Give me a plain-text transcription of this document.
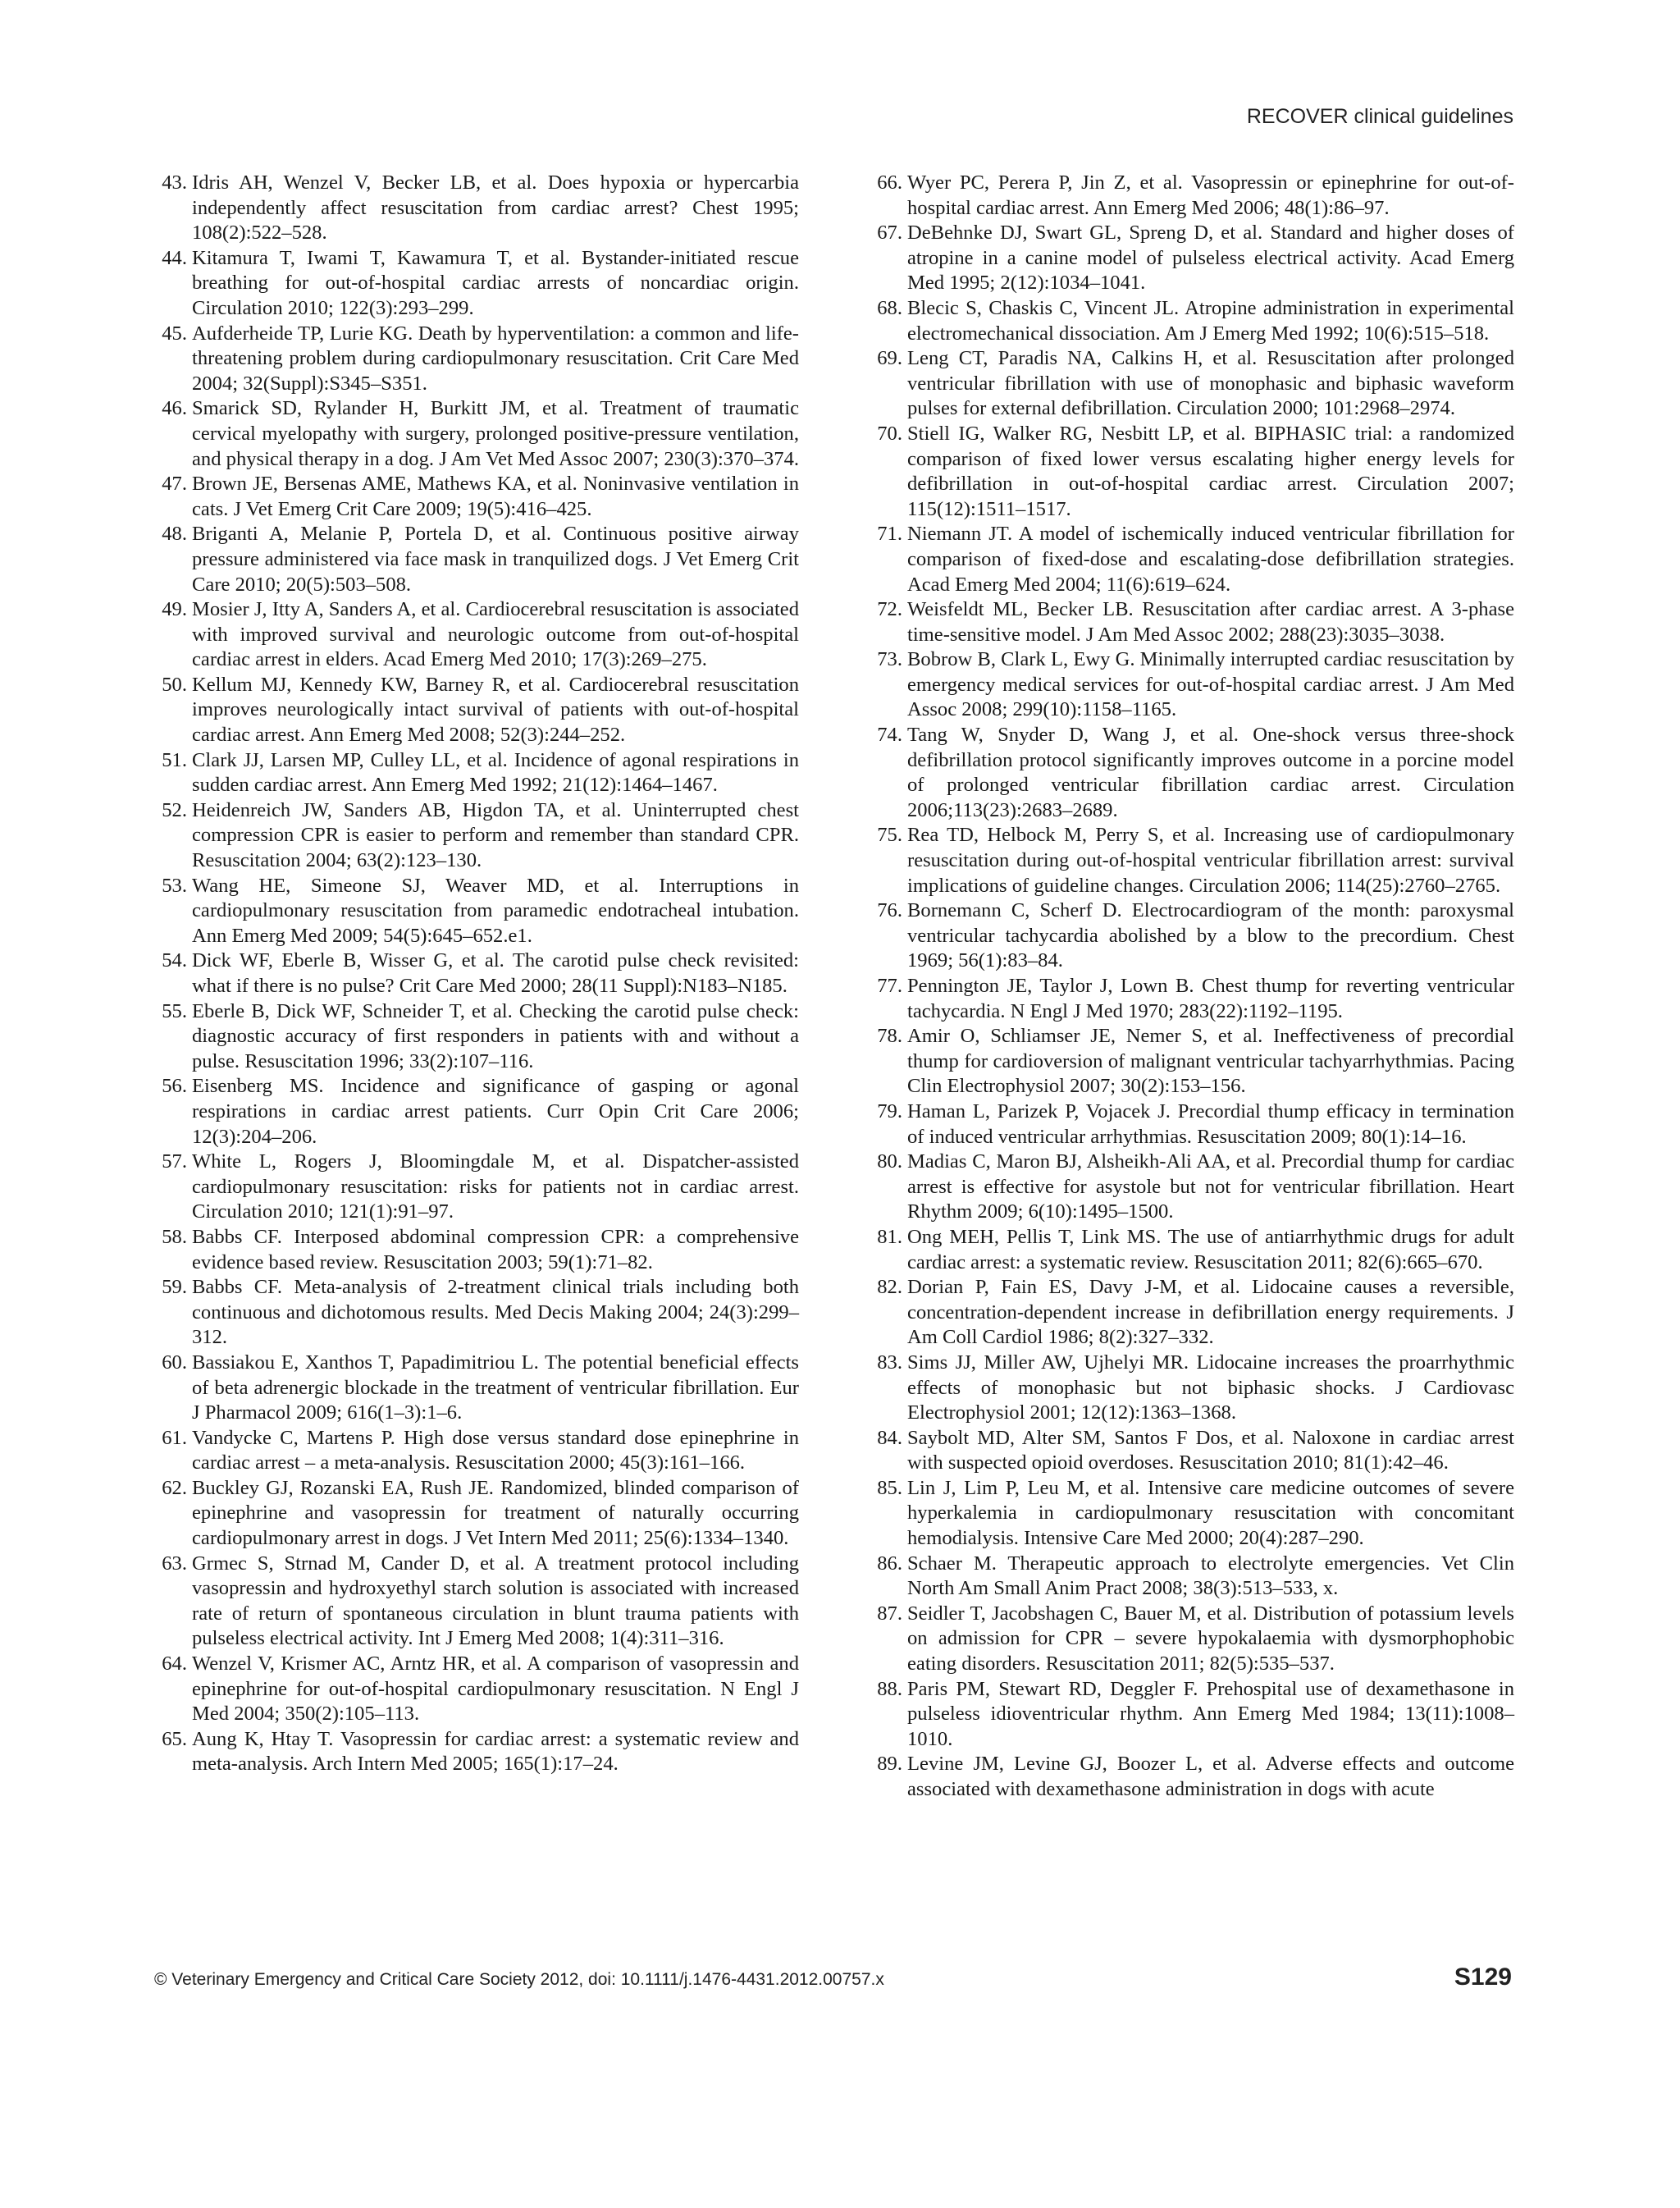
RECOVER clinical guidelines

43. Idris AH, Wenzel V, Becker LB, et al. Does hypoxia or hypercarbia independently affect resuscitation from cardiac arrest? Chest 1995; 108(2):522–528.

44. Kitamura T, Iwami T, Kawamura T, et al. Bystander-initiated rescue breathing for out-of-hospital cardiac arrests of noncardiac origin. Circulation 2010; 122(3):293–299.

45. Aufderheide TP, Lurie KG. Death by hyperventilation: a common and life-threatening problem during cardiopulmonary resuscitation. Crit Care Med 2004; 32(Suppl):S345–S351.

46. Smarick SD, Rylander H, Burkitt JM, et al. Treatment of traumatic cervical myelopathy with surgery, prolonged positive-pressure ventilation, and physical therapy in a dog. J Am Vet Med Assoc 2007; 230(3):370–374.

47. Brown JE, Bersenas AME, Mathews KA, et al. Noninvasive ventilation in cats. J Vet Emerg Crit Care 2009; 19(5):416–425.

48. Briganti A, Melanie P, Portela D, et al. Continuous positive airway pressure administered via face mask in tranquilized dogs. J Vet Emerg Crit Care 2010; 20(5):503–508.

49. Mosier J, Itty A, Sanders A, et al. Cardiocerebral resuscitation is associated with improved survival and neurologic outcome from out-of-hospital cardiac arrest in elders. Acad Emerg Med 2010; 17(3):269–275.

50. Kellum MJ, Kennedy KW, Barney R, et al. Cardiocerebral resuscitation improves neurologically intact survival of patients with out-of-hospital cardiac arrest. Ann Emerg Med 2008; 52(3):244–252.

51. Clark JJ, Larsen MP, Culley LL, et al. Incidence of agonal respirations in sudden cardiac arrest. Ann Emerg Med 1992; 21(12):1464–1467.

52. Heidenreich JW, Sanders AB, Higdon TA, et al. Uninterrupted chest compression CPR is easier to perform and remember than standard CPR. Resuscitation 2004; 63(2):123–130.

53. Wang HE, Simeone SJ, Weaver MD, et al. Interruptions in cardiopulmonary resuscitation from paramedic endotracheal intubation. Ann Emerg Med 2009; 54(5):645–652.e1.

54. Dick WF, Eberle B, Wisser G, et al. The carotid pulse check revisited: what if there is no pulse? Crit Care Med 2000; 28(11 Suppl):N183–N185.

55. Eberle B, Dick WF, Schneider T, et al. Checking the carotid pulse check: diagnostic accuracy of first responders in patients with and without a pulse. Resuscitation 1996; 33(2):107–116.

56. Eisenberg MS. Incidence and significance of gasping or agonal respirations in cardiac arrest patients. Curr Opin Crit Care 2006; 12(3):204–206.

57. White L, Rogers J, Bloomingdale M, et al. Dispatcher-assisted cardiopulmonary resuscitation: risks for patients not in cardiac arrest. Circulation 2010; 121(1):91–97.

58. Babbs CF. Interposed abdominal compression CPR: a comprehensive evidence based review. Resuscitation 2003; 59(1):71–82.

59. Babbs CF. Meta-analysis of 2-treatment clinical trials including both continuous and dichotomous results. Med Decis Making 2004; 24(3):299–312.

60. Bassiakou E, Xanthos T, Papadimitriou L. The potential beneficial effects of beta adrenergic blockade in the treatment of ventricular fibrillation. Eur J Pharmacol 2009; 616(1–3):1–6.

61. Vandycke C, Martens P. High dose versus standard dose epinephrine in cardiac arrest – a meta-analysis. Resuscitation 2000; 45(3):161–166.

62. Buckley GJ, Rozanski EA, Rush JE. Randomized, blinded comparison of epinephrine and vasopressin for treatment of naturally occurring cardiopulmonary arrest in dogs. J Vet Intern Med 2011; 25(6):1334–1340.

63. Grmec S, Strnad M, Cander D, et al. A treatment protocol including vasopressin and hydroxyethyl starch solution is associated with increased rate of return of spontaneous circulation in blunt trauma patients with pulseless electrical activity. Int J Emerg Med 2008; 1(4):311–316.

64. Wenzel V, Krismer AC, Arntz HR, et al. A comparison of vasopressin and epinephrine for out-of-hospital cardiopulmonary resuscitation. N Engl J Med 2004; 350(2):105–113.

65. Aung K, Htay T. Vasopressin for cardiac arrest: a systematic review and meta-analysis. Arch Intern Med 2005; 165(1):17–24.

66. Wyer PC, Perera P, Jin Z, et al. Vasopressin or epinephrine for out-of-hospital cardiac arrest. Ann Emerg Med 2006; 48(1):86–97.

67. DeBehnke DJ, Swart GL, Spreng D, et al. Standard and higher doses of atropine in a canine model of pulseless electrical activity. Acad Emerg Med 1995; 2(12):1034–1041.

68. Blecic S, Chaskis C, Vincent JL. Atropine administration in experimental electromechanical dissociation. Am J Emerg Med 1992; 10(6):515–518.

69. Leng CT, Paradis NA, Calkins H, et al. Resuscitation after prolonged ventricular fibrillation with use of monophasic and biphasic waveform pulses for external defibrillation. Circulation 2000; 101:2968–2974.

70. Stiell IG, Walker RG, Nesbitt LP, et al. BIPHASIC trial: a randomized comparison of fixed lower versus escalating higher energy levels for defibrillation in out-of-hospital cardiac arrest. Circulation 2007; 115(12):1511–1517.

71. Niemann JT. A model of ischemically induced ventricular fibrillation for comparison of fixed-dose and escalating-dose defibrillation strategies. Acad Emerg Med 2004; 11(6):619–624.

72. Weisfeldt ML, Becker LB. Resuscitation after cardiac arrest. A 3-phase time-sensitive model. J Am Med Assoc 2002; 288(23):3035–3038.

73. Bobrow B, Clark L, Ewy G. Minimally interrupted cardiac resuscitation by emergency medical services for out-of-hospital cardiac arrest. J Am Med Assoc 2008; 299(10):1158–1165.

74. Tang W, Snyder D, Wang J, et al. One-shock versus three-shock defibrillation protocol significantly improves outcome in a porcine model of prolonged ventricular fibrillation cardiac arrest. Circulation 2006;113(23):2683–2689.

75. Rea TD, Helbock M, Perry S, et al. Increasing use of cardiopulmonary resuscitation during out-of-hospital ventricular fibrillation arrest: survival implications of guideline changes. Circulation 2006; 114(25):2760–2765.

76. Bornemann C, Scherf D. Electrocardiogram of the month: paroxysmal ventricular tachycardia abolished by a blow to the precordium. Chest 1969; 56(1):83–84.

77. Pennington JE, Taylor J, Lown B. Chest thump for reverting ventricular tachycardia. N Engl J Med 1970; 283(22):1192–1195.

78. Amir O, Schliamser JE, Nemer S, et al. Ineffectiveness of precordial thump for cardioversion of malignant ventricular tachyarrhythmias. Pacing Clin Electrophysiol 2007; 30(2):153–156.

79. Haman L, Parizek P, Vojacek J. Precordial thump efficacy in termination of induced ventricular arrhythmias. Resuscitation 2009; 80(1):14–16.

80. Madias C, Maron BJ, Alsheikh-Ali AA, et al. Precordial thump for cardiac arrest is effective for asystole but not for ventricular fibrillation. Heart Rhythm 2009; 6(10):1495–1500.

81. Ong MEH, Pellis T, Link MS. The use of antiarrhythmic drugs for adult cardiac arrest: a systematic review. Resuscitation 2011; 82(6):665–670.

82. Dorian P, Fain ES, Davy J-M, et al. Lidocaine causes a reversible, concentration-dependent increase in defibrillation energy requirements. J Am Coll Cardiol 1986; 8(2):327–332.

83. Sims JJ, Miller AW, Ujhelyi MR. Lidocaine increases the proarrhythmic effects of monophasic but not biphasic shocks. J Cardiovasc Electrophysiol 2001; 12(12):1363–1368.

84. Saybolt MD, Alter SM, Santos F Dos, et al. Naloxone in cardiac arrest with suspected opioid overdoses. Resuscitation 2010; 81(1):42–46.

85. Lin J, Lim P, Leu M, et al. Intensive care medicine outcomes of severe hyperkalemia in cardiopulmonary resuscitation with concomitant hemodialysis. Intensive Care Med 2000; 20(4):287–290.

86. Schaer M. Therapeutic approach to electrolyte emergencies. Vet Clin North Am Small Anim Pract 2008; 38(3):513–533, x.

87. Seidler T, Jacobshagen C, Bauer M, et al. Distribution of potassium levels on admission for CPR – severe hypokalaemia with dysmorphophobic eating disorders. Resuscitation 2011; 82(5):535–537.

88. Paris PM, Stewart RD, Deggler F. Prehospital use of dexamethasone in pulseless idioventricular rhythm. Ann Emerg Med 1984; 13(11):1008–1010.

89. Levine JM, Levine GJ, Boozer L, et al. Adverse effects and outcome associated with dexamethasone administration in dogs with acute

© Veterinary Emergency and Critical Care Society 2012, doi: 10.1111/j.1476-4431.2012.00757.x	S129
